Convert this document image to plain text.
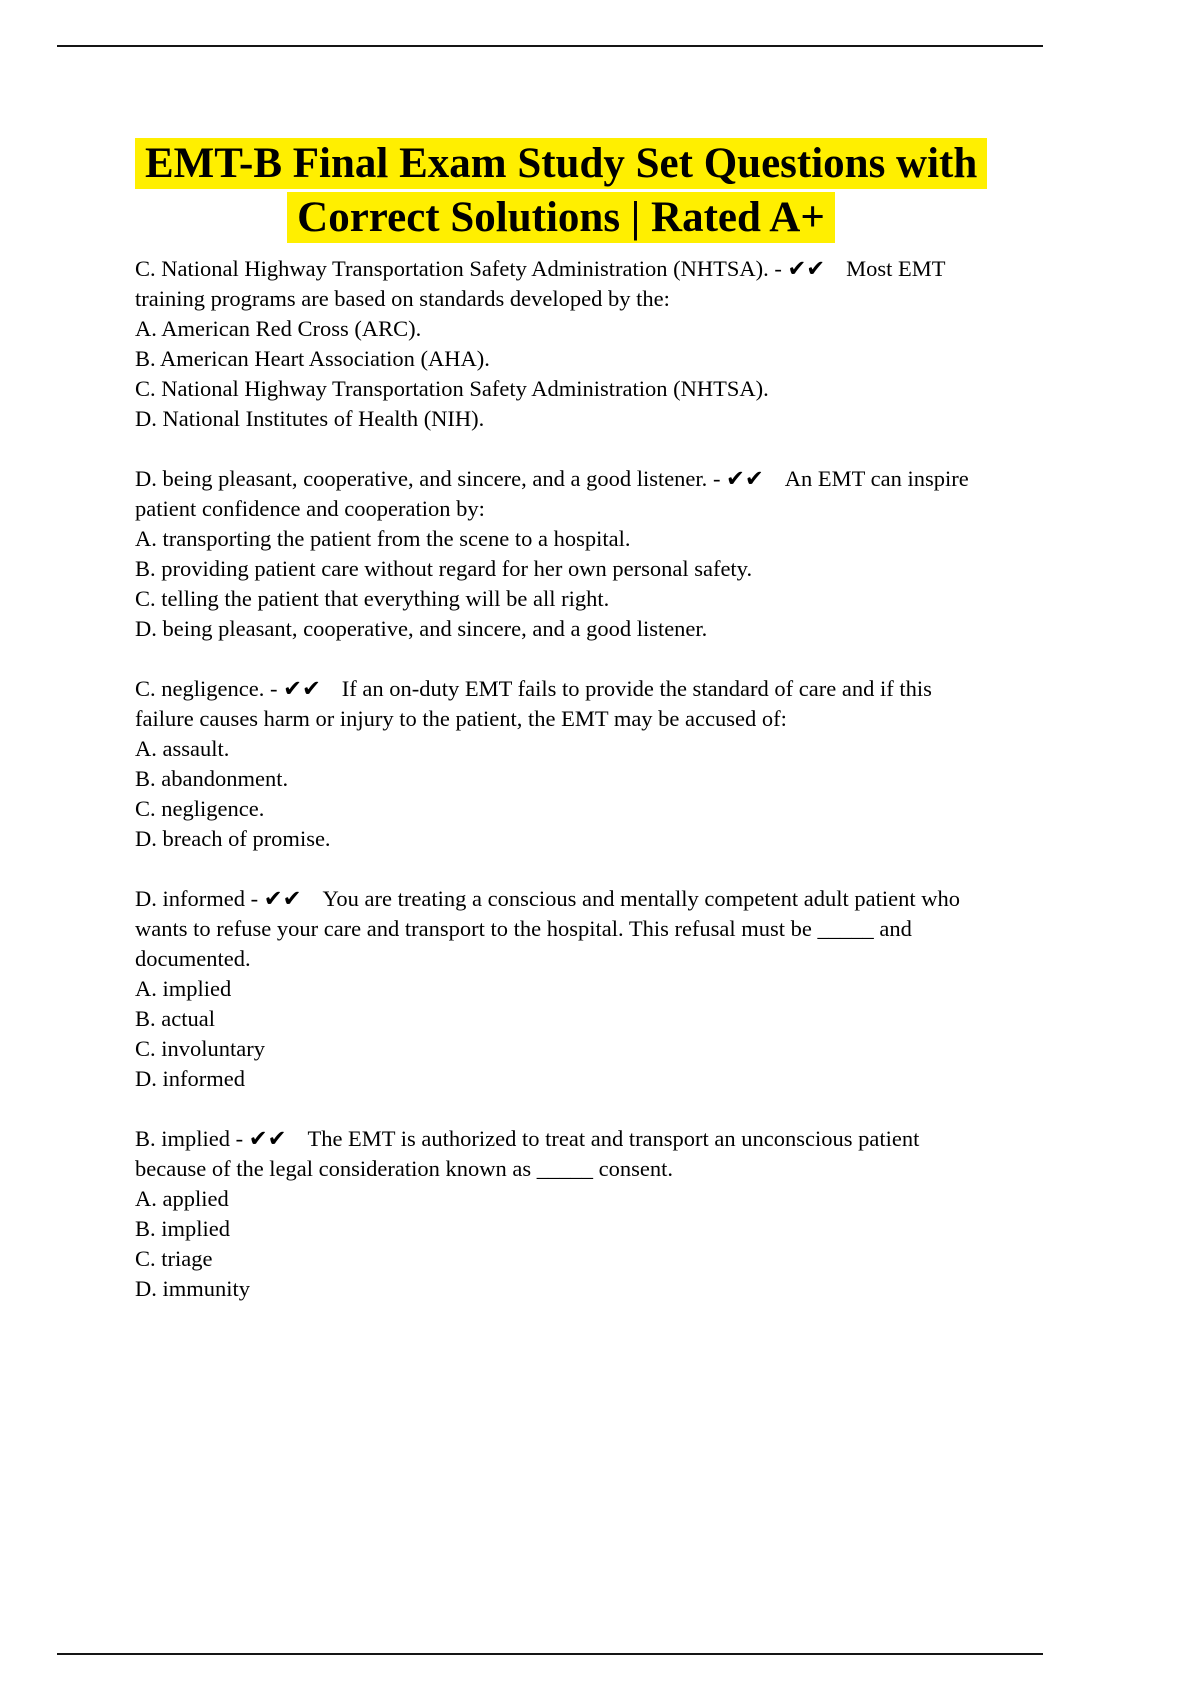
EMT-B Final Exam Study Set Questions with Correct Solutions | Rated A+

C. National Highway Transportation Safety Administration (NHTSA). - ✔✔ Most EMT training programs are based on standards developed by the:

A. American Red Cross (ARC).

B. American Heart Association (AHA).

C. National Highway Transportation Safety Administration (NHTSA).

D. National Institutes of Health (NIH).

D. being pleasant, cooperative, and sincere, and a good listener. - ✔✔ An EMT can inspire patient confidence and cooperation by:

A. transporting the patient from the scene to a hospital.

B. providing patient care without regard for her own personal safety.

C. telling the patient that everything will be all right.

D. being pleasant, cooperative, and sincere, and a good listener.

C. negligence. - ✔✔ If an on-duty EMT fails to provide the standard of care and if this failure causes harm or injury to the patient, the EMT may be accused of:

A. assault.

B. abandonment.

C. negligence.

D. breach of promise.

D. informed - ✔✔ You are treating a conscious and mentally competent adult patient who wants to refuse your care and transport to the hospital. This refusal must be _____ and documented.

A. implied

B. actual

C. involuntary

D. informed

B. implied - ✔✔ The EMT is authorized to treat and transport an unconscious patient because of the legal consideration known as _____ consent.

A. applied

B. implied

C. triage

D. immunity
